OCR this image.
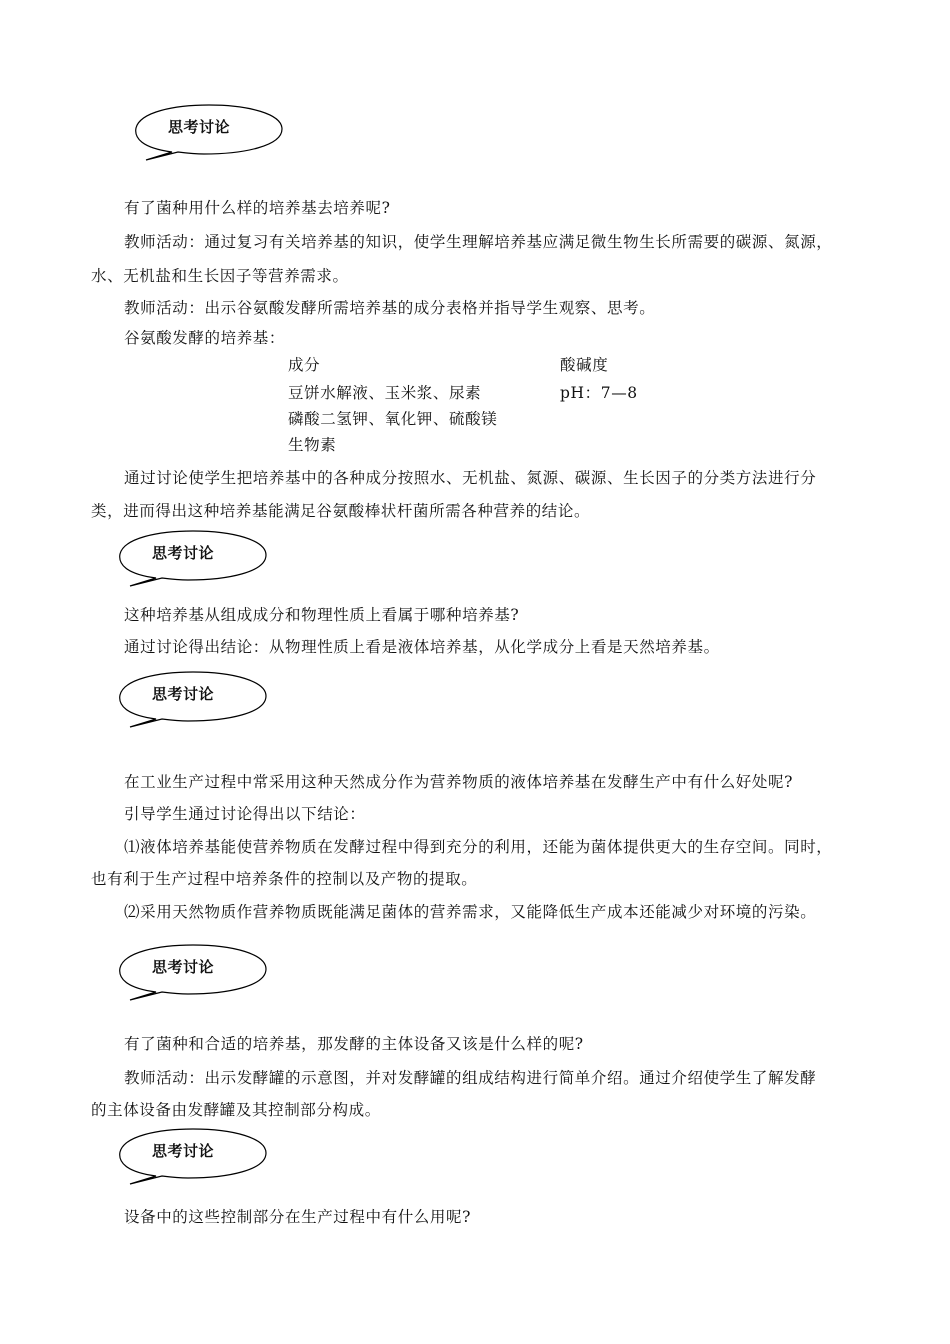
思考讨论
思考讨论
思考讨论
思考讨论
思考讨论
有了菌种用什么样的培养基去培养呢?
教师活动：通过复习有关培养基的知识，使学生理解培养基应满足微生物生长所需要的碳源、氮源，
水、无机盐和生长因子等营养需求。
教师活动：出示谷氨酸发酵所需培养基的成分表格并指导学生观察、思考。
谷氨酸发酵的培养基：
成分	酸碱度
豆饼水解液、玉米浆、尿素	pH：7—8
磷酸二氢钾、氧化钾、硫酸镁
生物素
通过讨论使学生把培养基中的各种成分按照水、无机盐、氮源、碳源、生长因子的分类方法进行分
类，进而得出这种培养基能满足谷氨酸棒状杆菌所需各种营养的结论。
这种培养基从组成成分和物理性质上看属于哪种培养基?
通过讨论得出结论：从物理性质上看是液体培养基，从化学成分上看是天然培养基。
在工业生产过程中常采用这种天然成分作为营养物质的液体培养基在发酵生产中有什么好处呢?
引导学生通过讨论得出以下结论：
⑴液体培养基能使营养物质在发酵过程中得到充分的利用，还能为菌体提供更大的生存空间。同时，
也有利于生产过程中培养条件的控制以及产物的提取。
⑵采用天然物质作营养物质既能满足菌体的营养需求，又能降低生产成本还能减少对环境的污染。
有了菌种和合适的培养基，那发酵的主体设备又该是什么样的呢?
教师活动：出示发酵罐的示意图，并对发酵罐的组成结构进行简单介绍。通过介绍使学生了解发酵
的主体设备由发酵罐及其控制部分构成。
设备中的这些控制部分在生产过程中有什么用呢?
